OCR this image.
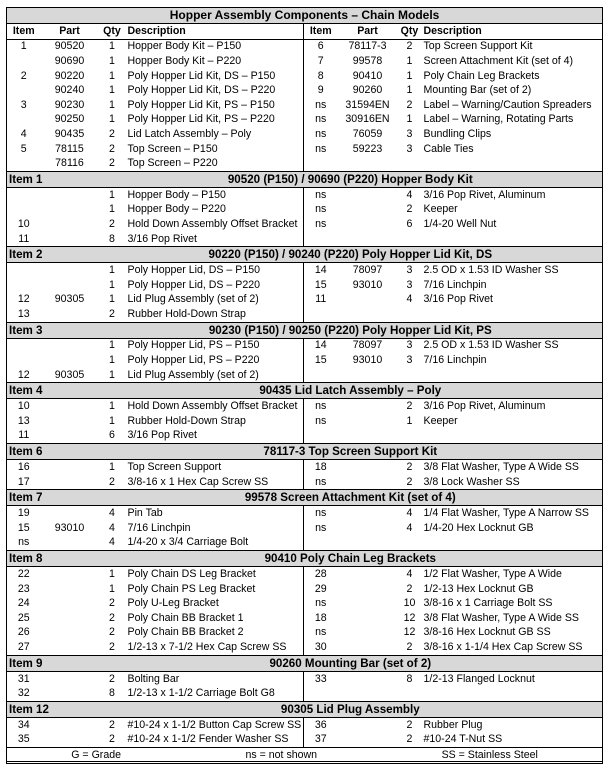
Hopper Assembly Components – Chain Models							
Item	Part	Qty	Description	Item	Part	Qty	Description
1	90520	1	Hopper Body Kit – P150	6	78117-3	2	Top Screen Support Kit
	90690	1	Hopper Body Kit – P220	7	99578	1	Screen Attachment Kit (set of 4)
2	90220	1	Poly Hopper Lid Kit, DS – P150	8	90410	1	Poly Chain Leg Brackets
	90240	1	Poly Hopper Lid Kit, DS – P220	9	90260	1	Mounting Bar (set of 2)
3	90230	1	Poly Hopper Lid Kit, PS – P150	ns	31594EN	2	Label – Warning/Caution Spreaders
	90250	1	Poly Hopper Lid Kit, PS – P220	ns	30916EN	1	Label – Warning, Rotating Parts
4	90435	2	Lid Latch Assembly – Poly	ns	76059	3	Bundling Clips
5	78115	2	Top Screen – P150	ns	59223	3	Cable Ties
	78116	2	Top Screen – P220				
Item 1		90520 (P150) / 90690 (P220) Hopper Body Kit					
		1	Hopper Body – P150	ns		4	3/16 Pop Rivet, Aluminum
		1	Hopper Body – P220	ns		2	Keeper
10		2	Hold Down Assembly Offset Bracket	ns		6	1/4-20 Well Nut
11		8	3/16 Pop Rivet				
Item 2		90220 (P150) / 90240 (P220) Poly Hopper Lid Kit, DS					
		1	Poly Hopper Lid, DS – P150	14	78097	3	2.5 OD x 1.53 ID Washer SS
		1	Poly Hopper Lid, DS – P220	15	93010	3	7/16 Linchpin
12	90305	1	Lid Plug Assembly (set of 2)	11		4	3/16 Pop Rivet
13		2	Rubber Hold-Down Strap				
Item 3		90230 (P150) / 90250 (P220) Poly Hopper Lid Kit, PS					
		1	Poly Hopper Lid, PS – P150	14	78097	3	2.5 OD x 1.53 ID Washer SS
		1	Poly Hopper Lid, PS – P220	15	93010	3	7/16 Linchpin
12	90305	1	Lid Plug Assembly (set of 2)				
Item 4		90435 Lid Latch Assembly – Poly					
10		1	Hold Down Assembly Offset Bracket	ns		2	3/16 Pop Rivet, Aluminum
13		1	Rubber Hold-Down Strap	ns		1	Keeper
11		6	3/16 Pop Rivet				
Item 6		78117-3 Top Screen Support Kit					
16		1	Top Screen Support	18		2	3/8 Flat Washer, Type A Wide SS
17		2	3/8-16 x 1 Hex Cap Screw SS	ns		2	3/8 Lock Washer SS
Item 7		99578 Screen Attachment Kit (set of 4)					
19		4	Pin Tab	ns		4	1/4 Flat Washer, Type A Narrow SS
15	93010	4	7/16 Linchpin	ns		4	1/4-20 Hex Locknut GB
ns		4	1/4-20 x 3/4 Carriage Bolt				
Item 8		90410 Poly Chain Leg Brackets					
22		1	Poly Chain DS Leg Bracket	28		4	1/2 Flat Washer, Type A Wide
23		1	Poly Chain PS Leg Bracket	29		2	1/2-13 Hex Locknut GB
24		2	Poly U-Leg Bracket	ns		10	3/8-16 x 1 Carriage Bolt SS
25		2	Poly Chain BB Bracket 1	18		12	3/8 Flat Washer, Type A Wide SS
26		2	Poly Chain BB Bracket 2	ns		12	3/8-16 Hex Locknut GB SS
27		2	1/2-13 x 7-1/2 Hex Cap Screw SS	30		2	3/8-16 x 1-1/4 Hex Cap Screw SS
Item 9		90260 Mounting Bar (set of 2)					
31		2	Bolting Bar	33		8	1/2-13 Flanged Locknut
32		8	1/2-13 x 1-1/2 Carriage Bolt G8				
Item 12		90305 Lid Plug Assembly					
34		2	#10-24 x 1-1/2 Button Cap Screw SS	36		2	Rubber Plug
35		2	#10-24 x 1-1/2 Fender Washer SS	37		2	#10-24 T-Nut SS

G = Grade ns = not shown SS = Stainless Steel							
